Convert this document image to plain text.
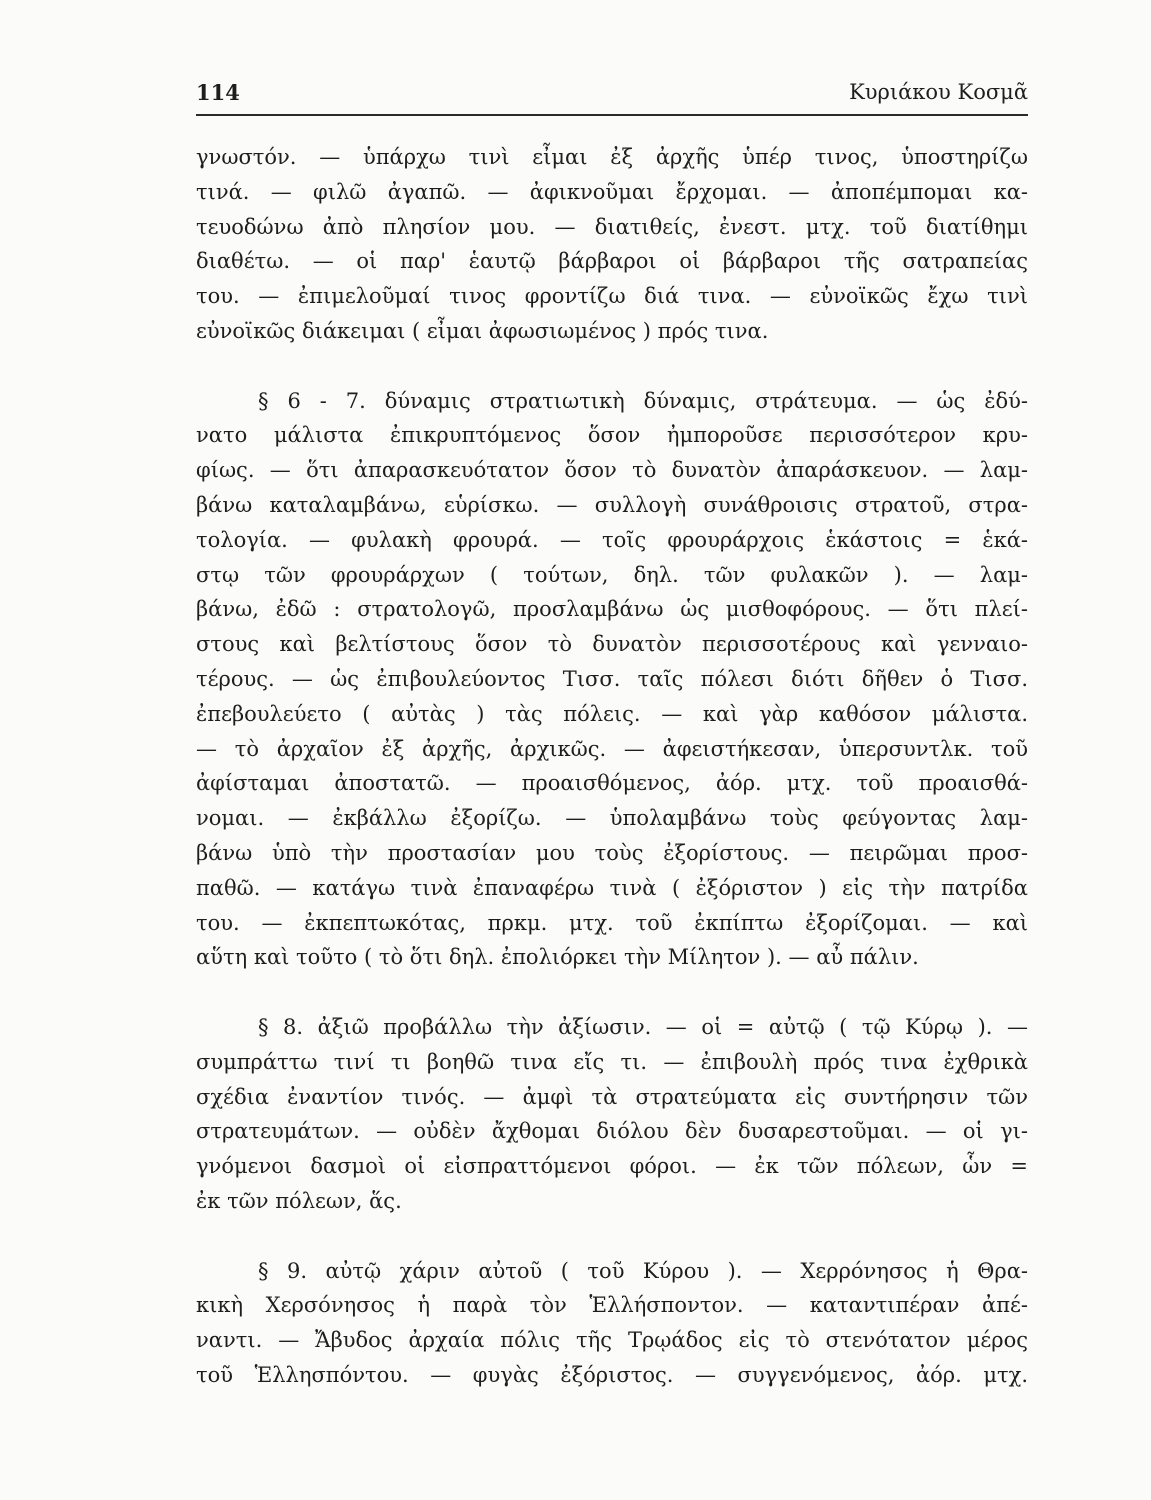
114	Κυριάκου Κοσμᾶ
γνωστόν. — ὑπάρχω τινὶ εἶμαι ἐξ ἀρχῆς ὑπέρ τινος, ὑποστηρίζω
τινά. — φιλῶ ἀγαπῶ. — ἀφικνοῦμαι ἔρχομαι. — ἀποπέμπομαι κα-
τευοδώνω ἀπὸ πλησίον μου. — διατιθείς, ἐνεστ. μτχ. τοῦ διατίθημι
διαθέτω. — οἱ παρ' ἑαυτῷ βάρβαροι οἱ βάρβαροι τῆς σατραπείας
του. — ἐπιμελοῦμαί τινος φροντίζω διά τινα. — εὐνοϊκῶς ἔχω τινὶ
εὐνοϊκῶς διάκειμαι ( εἶμαι ἀφωσιωμένος ) πρός τινα.
§ 6 - 7. δύναμις στρατιωτικὴ δύναμις, στράτευμα. — ὡς ἐδύ-
νατο μάλιστα ἐπικρυπτόμενος ὅσον ἠμποροῦσε περισσότερον κρυ-
φίως. — ὅτι ἀπαρασκευότατον ὅσον τὸ δυνατὸν ἀπαράσκευον. — λαμ-
βάνω καταλαμβάνω, εὑρίσκω. — συλλογὴ συνάθροισις στρατοῦ, στρα-
τολογία. — φυλακὴ φρουρά. — τοῖς φρουράρχοις ἑκάστοις = ἑκά-
στῳ τῶν φρουράρχων ( τούτων, δηλ. τῶν φυλακῶν ). — λαμ-
βάνω, ἐδῶ : στρατολογῶ, προσλαμβάνω ὡς μισθοφόρους. — ὅτι πλεί-
στους καὶ βελτίστους ὅσον τὸ δυνατὸν περισσοτέρους καὶ γενναιο-
τέρους. — ὡς ἐπιβουλεύοντος Τισσ. ταῖς πόλεσι διότι δῆθεν ὁ Τισσ.
ἐπεβουλεύετο ( αὐτὰς ) τὰς πόλεις. — καὶ γὰρ καθόσον μάλιστα.
— τὸ ἀρχαῖον ἐξ ἀρχῆς, ἀρχικῶς. — ἀφειστήκεσαν, ὑπερσυντλκ. τοῦ
ἀφίσταμαι ἀποστατῶ. — προαισθόμενος, ἀόρ. μτχ. τοῦ προαισθά-
νομαι. — ἐκβάλλω ἐξορίζω. — ὑπολαμβάνω τοὺς φεύγοντας λαμ-
βάνω ὑπὸ τὴν προστασίαν μου τοὺς ἐξορίστους. — πειρῶμαι προσ-
παθῶ. — κατάγω τινὰ ἐπαναφέρω τινὰ ( ἐξόριστον ) εἰς τὴν πατρίδα
του. — ἐκπεπτωκότας, πρκμ. μτχ. τοῦ ἐκπίπτω ἐξορίζομαι. — καὶ
αὕτη καὶ τοῦτο ( τὸ ὅτι δηλ. ἐπολιόρκει τὴν Μίλητον ). — αὖ πάλιν.
§ 8. ἀξιῶ προβάλλω τὴν ἀξίωσιν. — οἱ = αὐτῷ ( τῷ Κύρῳ ). —
συμπράττω τινί τι βοηθῶ τινα εἴς τι. — ἐπιβουλὴ πρός τινα ἐχθρικὰ
σχέδια ἐναντίον τινός. — ἀμφὶ τὰ στρατεύματα εἰς συντήρησιν τῶν
στρατευμάτων. — οὐδὲν ἄχθομαι διόλου δὲν δυσαρεστοῦμαι. — οἱ γι-
γνόμενοι δασμοὶ οἱ εἰσπραττόμενοι φόροι. — ἐκ τῶν πόλεων, ὧν =
ἐκ τῶν πόλεων, ἅς.
§ 9. αὐτῷ χάριν αὐτοῦ ( τοῦ Κύρου ). — Χερρόνησος ἡ Θρα-
κικὴ Χερσόνησος ἡ παρὰ τὸν Ἑλλήσποντον. — καταντιπέραν ἀπέ-
ναντι. — Ἄβυδος ἀρχαία πόλις τῆς Τρῳάδος εἰς τὸ στενότατον μέρος
τοῦ Ἑλλησπόντου. — φυγὰς ἐξόριστος. — συγγενόμενος, ἀόρ. μτχ.
